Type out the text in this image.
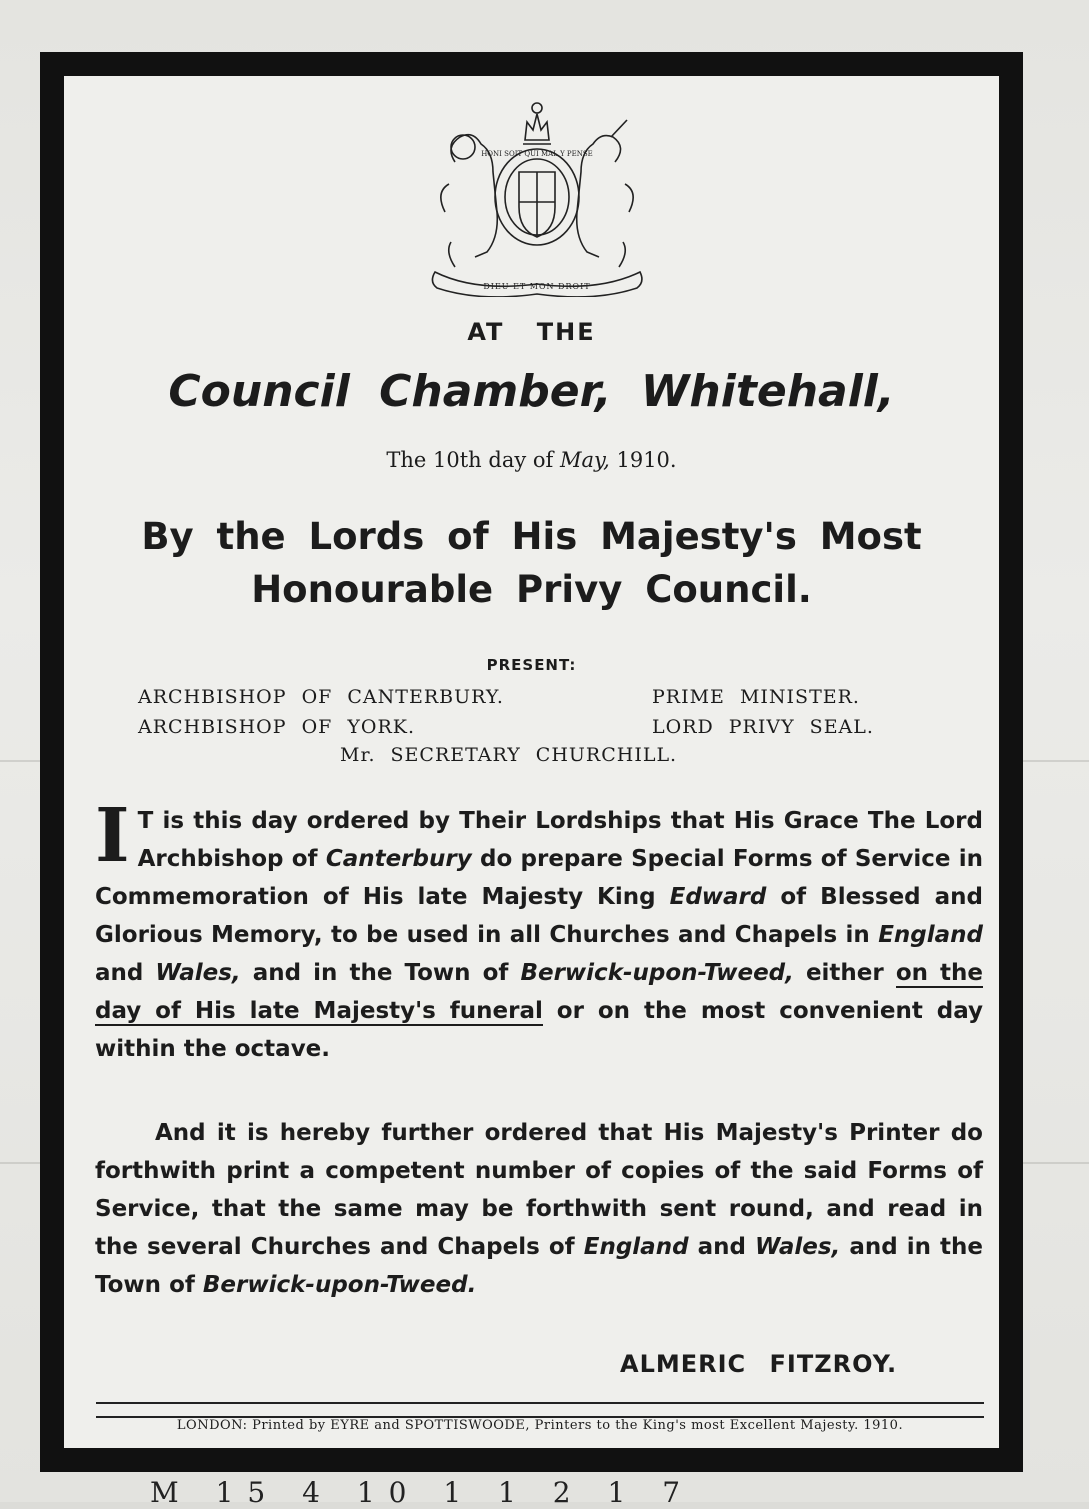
HONI SOIT QUI MAL Y PENSE
DIEU ET MON DROIT
AT THE
Council Chamber, Whitehall,
The 10th day of May, 1910.
By the Lords of His Majesty's Most
Honourable Privy Council.
PRESENT:
ARCHBISHOP OF CANTERBURY.
ARCHBISHOP OF YORK.
PRIME MINISTER.
LORD PRIVY SEAL.
Mr. SECRETARY CHURCHILL.
I T is this day ordered by Their Lordships that His Grace The Lord Archbishop of Canterbury do prepare Special Forms of Service in Commemoration of His late Majesty King Edward of Blessed and Glorious Memory, to be used in all Churches and Chapels in England and Wales, and in the Town of Berwick-upon-Tweed, either on the day of His late Majesty's funeral or on the most convenient day within the octave.
And it is hereby further ordered that His Majesty's Printer do forthwith print a competent number of copies of the said Forms of Service, that the same may be forthwith sent round, and read in the several Churches and Chapels of England and Wales, and in the Town of Berwick-upon-Tweed.
ALMERIC FITZROY.
LONDON: Printed by EYRE and SPOTTISWOODE, Printers to the King's most Excellent Majesty. 1910.
M 15 4 10 1 1 2 1 7
